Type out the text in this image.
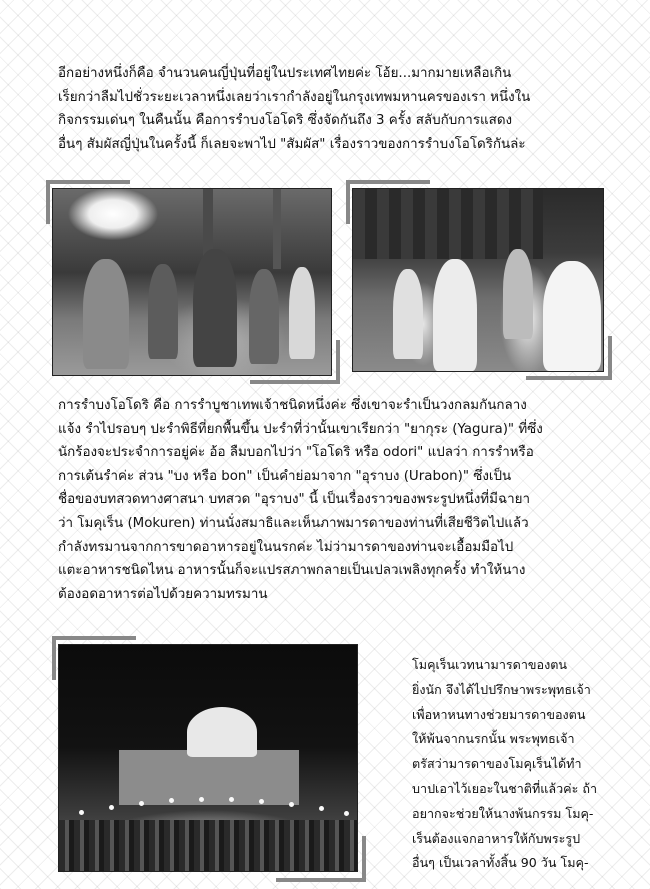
อีกอย่างหนึ่งก็คือ จำนวนคนญี่ปุ่นที่อยู่ในประเทศไทยค่ะ โอ้ย...มากมายเหลือเกิน
เร็ยกว่าลืมไปชั่วระยะเวลาหนึ่งเลยว่าเรากำลังอยู่ในกรุงเทพมหานครของเรา หนึ่งใน
กิจกรรมเด่นๆ ในคืนนั้น คือการรำบงโอโดริ ซึ่งจัดกันถึง 3 ครั้ง สลับกับการแสดง
อื่นๆ สัมผัสญี่ปุ่นในครั้งนี้ ก็เลยจะพาไป "สัมผัส" เรื่องราวของการรำบงโอโดริกันล่ะ
การรำบงโอโดริ คือ การรำบูชาเทพเจ้าชนิดหนึ่งค่ะ ซึ่งเขาจะรำเป็นวงกลมกันกลาง
แจ้ง รำไปรอบๆ ปะรำพิธีที่ยกพื้นขึ้น ปะรำที่ว่านั้นเขาเรียกว่า "ยากุระ (Yagura)" ที่ซึ่ง
นักร้องจะประจำการอยู่ค่ะ อ้อ ลืมบอกไปว่า "โอโดริ หรือ odori" แปลว่า การรำหรือ
การเต้นรำค่ะ ส่วน "บง หรือ bon" เป็นคำย่อมาจาก "อุราบง (Urabon)" ซึ่งเป็น
ชื่อของบทสวดทางศาสนา บทสวด "อุราบง" นี้ เป็นเรื่องราวของพระรูปหนึ่งที่มีฉายา
ว่า โมคุเร็น (Mokuren) ท่านนั่งสมาธิและเห็นภาพมารดาของท่านที่เสียชีวิตไปแล้ว
กำลังทรมานจากการขาดอาหารอยู่ในนรกค่ะ ไม่ว่ามารดาของท่านจะเอื้อมมือไป
แตะอาหารชนิดไหน อาหารนั้นก็จะแปรสภาพกลายเป็นเปลวเพลิงทุกครั้ง ทำให้นาง
ต้องอดอาหารต่อไปด้วยความทรมาน
โมคุเร็นเวทนามารดาของตน
ยิ่งนัก จึงได้ไปปรึกษาพระพุทธเจ้า
เพื่อหาหนทางช่วยมารดาของตน
ให้พ้นจากนรกนั้น พระพุทธเจ้า
ตรัสว่ามารดาของโมคุเร็นได้ทำ
บาปเอาไว้เยอะในชาติที่แล้วค่ะ ถ้า
อยากจะช่วยให้นางพ้นกรรม โมคุ-
เร็นต้องแจกอาหารให้กับพระรูป
อื่นๆ เป็นเวลาทั้งสิ้น 90 วัน โมคุ-
